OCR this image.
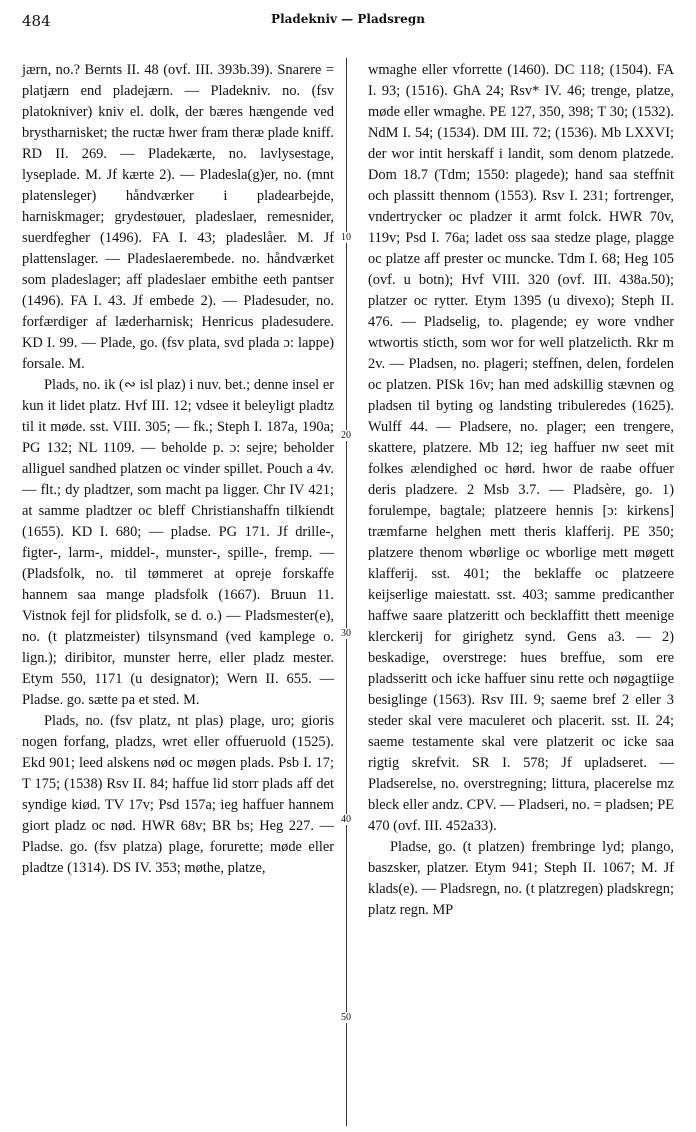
484	Pladekniv — Pladsregn
10
20
30
40
50

jærn, no.? Bernts II. 48 (ovf. III. 393b.39). Snarere = platjærn end pladejærn. — Pladekniv. no. (fsv platokniver) kniv el. dolk, der bæres hængende ved brystharnisket; the ructæ hwer fram theræ plade kniff. RD II. 269. — Pladekærte, no. lavlysestage, lyseplade. M. Jf kærte 2). — Pladesla(g)er, no. (mnt platensleger) håndværker i pladearbejde, harniskmager; grydestøuer, pladeslaer, remesnider, suerdfegher (1496). FA I. 43; pladeslåer. M. Jf plattenslager. — Pladeslaerembede. no. håndværket som pladeslager; aff pladeslaer embithe eeth pantser (1496). FA I. 43. Jf embede 2). — Pladesuder, no. forfærdiger af læderharnisk; Henricus pladesudere. KD I. 99. — Plade, go. (fsv plata, svd plada ɔ: lappe) forsale. M.

Plads, no. ik (∾ isl plaz) i nuv. bet.; denne insel er kun it lidet platz. Hvf III. 12; vdsee it beleyligt pladtz til it møde. sst. VIII. 305; — fk.; Steph I. 187a, 190a; PG 132; NL 1109. — beholde p. ɔ: sejre; beholder alliguel sandhed platzen oc vinder spillet. Pouch a 4v. — flt.; dy pladtzer, som macht pa ligger. Chr IV 421; at samme pladtzer oc bleff Christianshaffn tilkiendt (1655). KD I. 680; — pladse. PG 171. Jf drille-, figter-, larm-, middel-, munster-, spille-, fremp. — (Pladsfolk, no. til tømmeret at opreje forskaffe hannem saa mange pladsfolk (1667). Bruun 11. Vistnok fejl for plidsfolk, se d. o.) — Pladsmester(e), no. (t platzmeister) tilsynsmand (ved kamplege o. lign.); diribitor, munster herre, eller pladz mester. Etym 550, 1171 (u designator); Wern II. 655. — Pladse. go. sætte pa et sted. M.

Plads, no. (fsv platz, nt plas) plage, uro; gioris nogen forfang, pladzs, wret eller offueruold (1525). Ekd 901; leed alskens nød oc møgen plads. Psb I. 17; T 175; (1538) Rsv II. 84; haffue lid storr plads aff det syndige kiød. TV 17v; Psd 157a; ieg haffuer hannem giort pladz oc nød. HWR 68v; BR bs; Heg 227. — Pladse. go. (fsv platza) plage, forurette; møde eller pladtze (1314). DS IV. 353; møthe, platze,

wmaghe eller vforrette (1460). DC 118; (1504). FA I. 93; (1516). GhA 24; Rsv* IV. 46; trenge, platze, møde eller wmaghe. PE 127, 350, 398; T 30; (1532). NdM I. 54; (1534). DM III. 72; (1536). Mb LXXVI; der wor intit herskaff i landit, som denom platzede. Dom 18.7 (Tdm; 1550: plagede); hand saa steffnit och plassitt thennom (1553). Rsv I. 231; fortrenger, vndertrycker oc pladzer it armt folck. HWR 70v, 119v; Psd I. 76a; ladet oss saa stedze plage, plagge oc platze aff prester oc muncke. Tdm I. 68; Heg 105 (ovf. u botn); Hvf VIII. 320 (ovf. III. 438a.50); platzer oc rytter. Etym 1395 (u divexo); Steph II. 476. — Pladselig, to. plagende; ey wore vndher wtwortis sticth, som wor for well platzelicth. Rkr m 2v. — Pladsen, no. plageri; steffnen, delen, fordelen oc platzen. PISk 16v; han med adskillig stævnen og pladsen til byting og landsting tribuleredes (1625). Wulff 44. — Pladsere, no. plager; een trengere, skattere, platzere. Mb 12; ieg haffuer nw seet mit folkes ælendighed oc hørd. hwor de raabe offuer deris pladzere. 2 Msb 3.7. — Pladsère, go. 1) forulempe, bagtale; platzeere hennis [ɔ: kirkens] træmfarne helghen mett theris klafferij. PE 350; platzere thenom wbørlige oc wborlige mett møgett klafferij. sst. 401; the beklaffe oc platzeere keijserlige maiestatt. sst. 403; samme predicanther haffwe saare platzeritt och becklaffitt thett meenige klerckerij for girighetz synd. Gens a3. — 2) beskadige, overstrege: hues breffue, som ere pladsseritt och icke haffuer sinu rette och nøgagtiige besiglinge (1563). Rsv III. 9; saeme bref 2 eller 3 steder skal vere maculeret och placerit. sst. II. 24; saeme testamente skal vere platzerit oc icke saa rigtig skrefvit. SR I. 578; Jf upladseret. — Pladserelse, no. overstregning; littura, placerelse mz bleck eller andz. CPV. — Pladseri, no. = pladsen; PE 470 (ovf. III. 452a33).

Pladse, go. (t platzen) frembringe lyd; plango, baszsker, platzer. Etym 941; Steph II. 1067; M. Jf klads(e). — Pladsregn, no. (t platzregen) pladskregn; platz regn. MP
